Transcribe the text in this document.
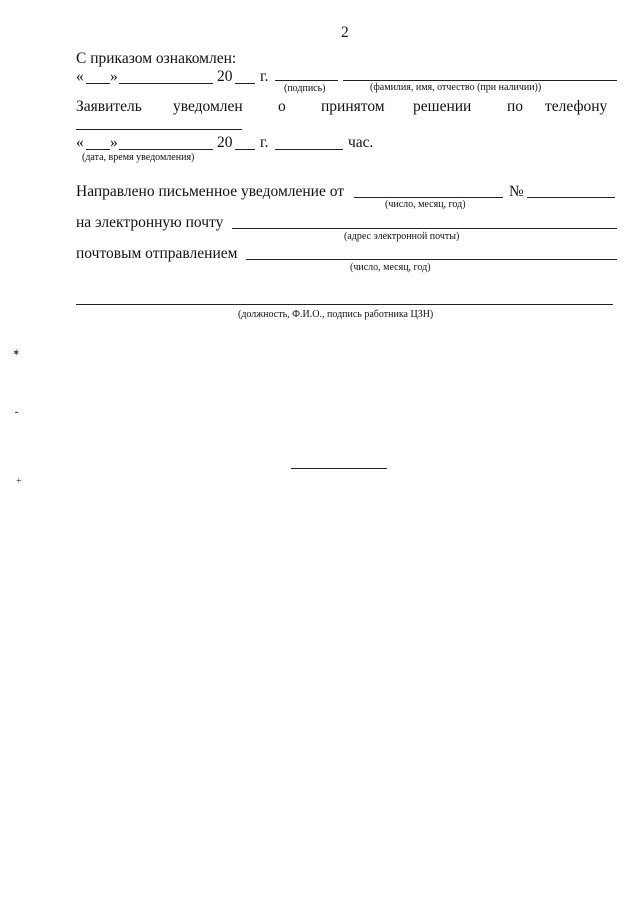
2
С приказом ознакомлен:
« »	20 г.
(подпись)	(фамилия, имя, отчество (при наличии))
Заявитель уведомлен о принятом решении по телефону
« »	20 г.	час.
(дата, время уведомления)
Направлено письменное уведомление от	№
(число, месяц, год)
на электронную почту
(адрес электронной почты)
почтовым отправлением
(число, месяц, год)
(должность, Ф.И.О., подпись работника ЦЗН)
✶
⁃
+
